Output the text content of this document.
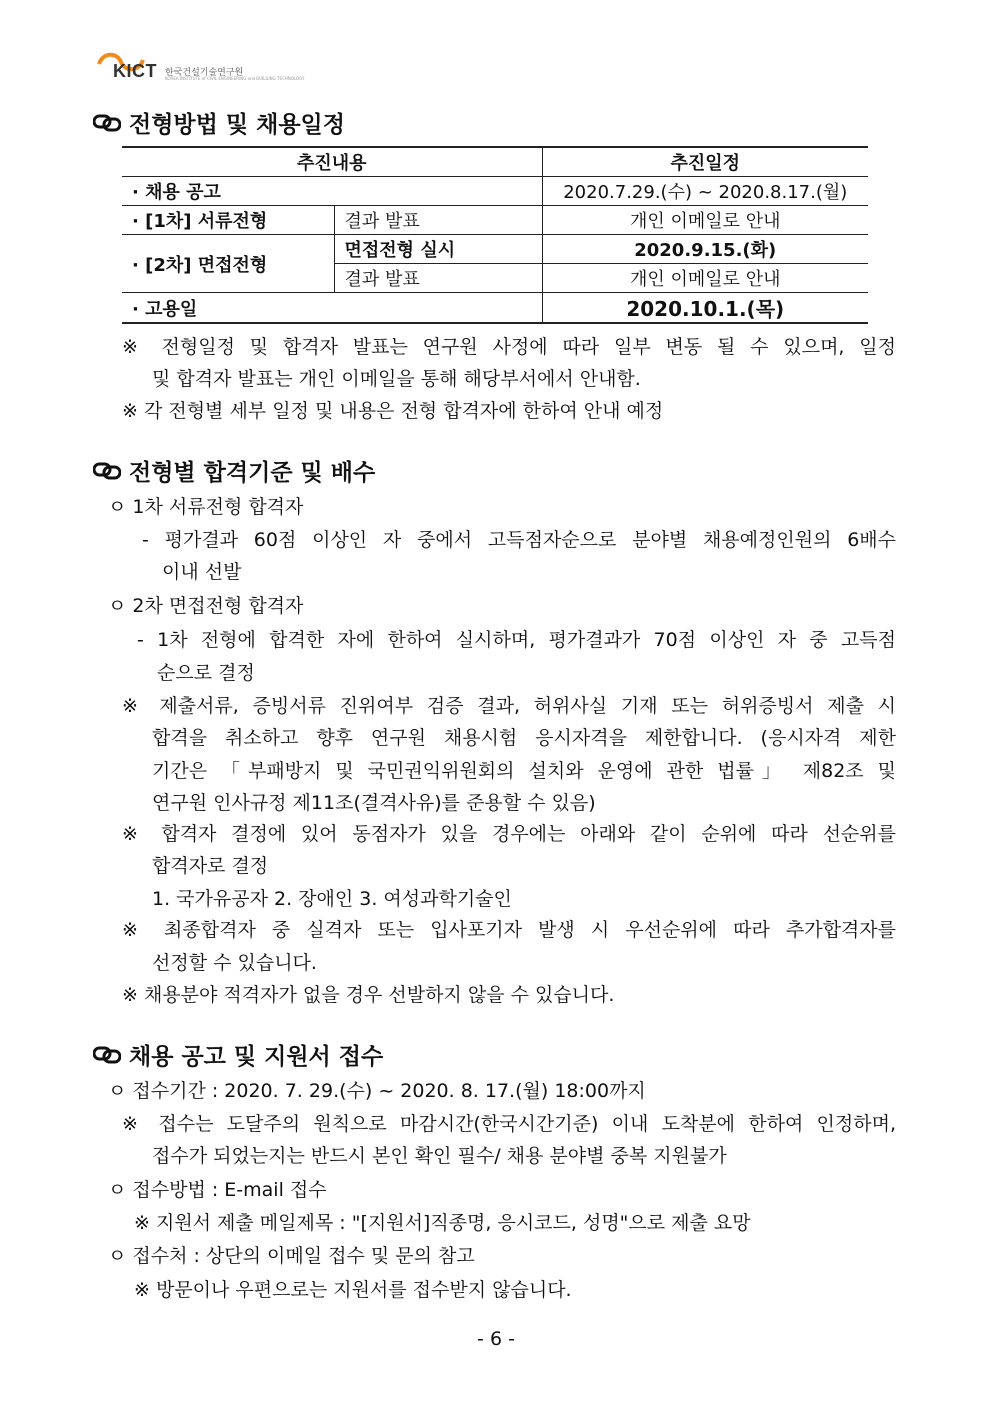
KICT 한국건설기술연구원
KOREA INSTITUTE of CIVIL ENGINEERING and BUILDING TECHNOLOGY
전형방법 및 채용일정
추진내용		추진일정
· 채용 공고		2020.7.29.(수) ~ 2020.8.17.(월)
· [1차] 서류전형	결과 발표	개인 이메일로 안내
· [2차] 면접전형	면접전형 실시	2020.9.15.(화)
	결과 발표	개인 이메일로 안내
· 고용일		2020.10.1.(목)
※ 전형일정 및 합격자 발표는 연구원 사정에 따라 일부 변동 될 수 있으며, 일정
및 합격자 발표는 개인 이메일을 통해 해당부서에서 안내함.
※ 각 전형별 세부 일정 및 내용은 전형 합격자에 한하여 안내 예정
전형별 합격기준 및 배수
ㅇ 1차 서류전형 합격자
- 평가결과 60점 이상인 자 중에서 고득점자순으로 분야별 채용예정인원의 6배수
이내 선발
ㅇ 2차 면접전형 합격자
- 1차 전형에 합격한 자에 한하여 실시하며, 평가결과가 70점 이상인 자 중 고득점
순으로 결정
※ 제출서류, 증빙서류 진위여부 검증 결과, 허위사실 기재 또는 허위증빙서 제출 시
합격을 취소하고 향후 연구원 채용시험 응시자격을 제한합니다. (응시자격 제한
기간은 「부패방지 및 국민권익위원회의 설치와 운영에 관한 법률」 제82조 및
연구원 인사규정 제11조(결격사유)를 준용할 수 있음)
※ 합격자 결정에 있어 동점자가 있을 경우에는 아래와 같이 순위에 따라 선순위를
합격자로 결정
1. 국가유공자 2. 장애인 3. 여성과학기술인
※ 최종합격자 중 실격자 또는 입사포기자 발생 시 우선순위에 따라 추가합격자를
선정할 수 있습니다.
※ 채용분야 적격자가 없을 경우 선발하지 않을 수 있습니다.
채용 공고 및 지원서 접수
ㅇ 접수기간 : 2020. 7. 29.(수) ~ 2020. 8. 17.(월) 18:00까지
※ 접수는 도달주의 원칙으로 마감시간(한국시간기준) 이내 도착분에 한하여 인정하며,
접수가 되었는지는 반드시 본인 확인 필수/ 채용 분야별 중복 지원불가
ㅇ 접수방법 : E-mail 접수
※ 지원서 제출 메일제목 : "[지원서]직종명, 응시코드, 성명"으로 제출 요망
ㅇ 접수처 : 상단의 이메일 접수 및 문의 참고
※ 방문이나 우편으로는 지원서를 접수받지 않습니다.
- 6 -
